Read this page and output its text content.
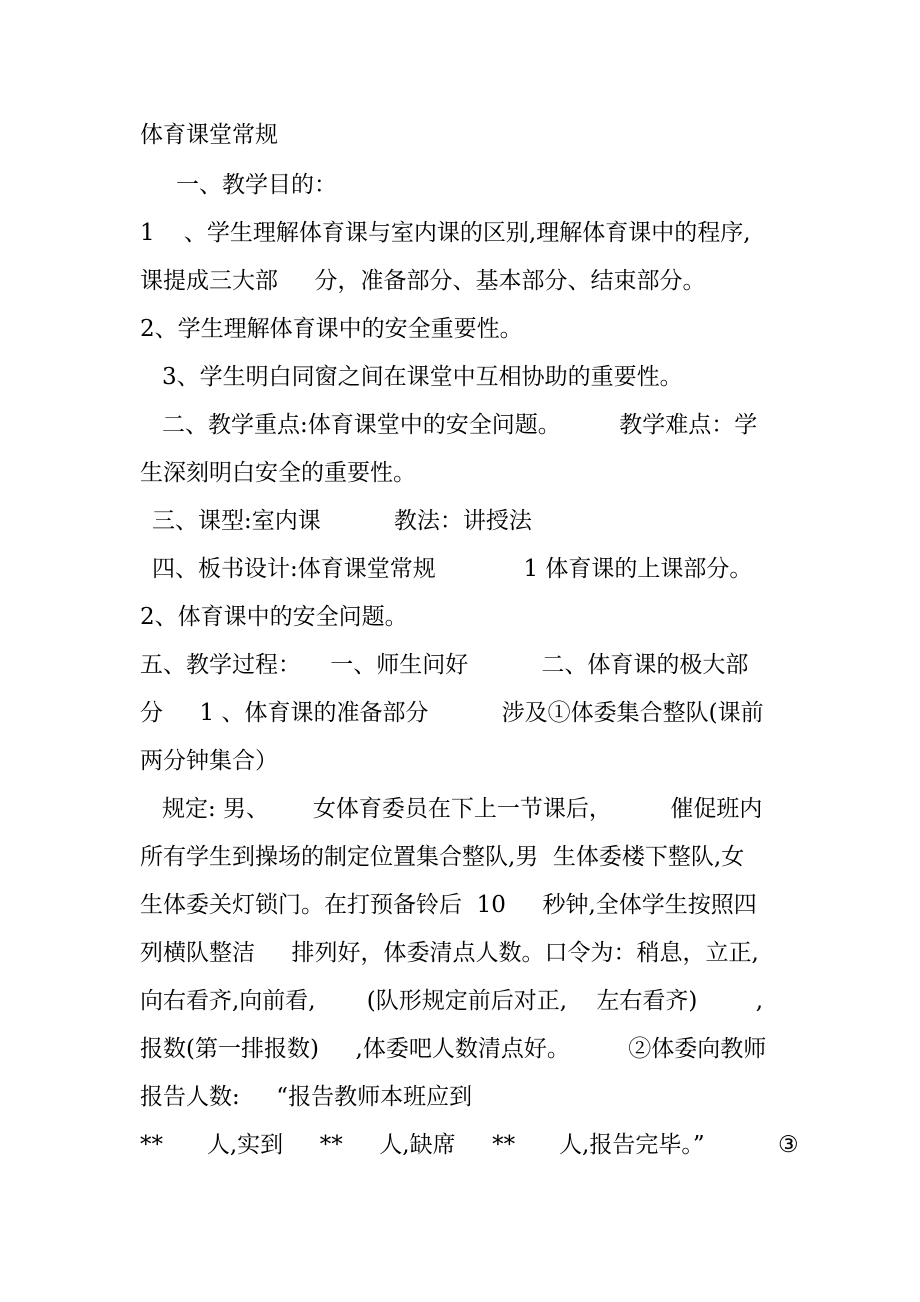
体育课堂常规
一、教学目的：
1    、学生理解体育课与室内课的区别,理解体育课中的程序,
课提成三大部     分，准备部分、基本部分、结束部分。
2、学生理解体育课中的安全重要性。
3、学生明白同窗之间在课堂中互相协助的重要性。
二、教学重点:体育课堂中的安全问题。        教学难点：学
生深刻明白安全的重要性。
三、课型:室内课          教法：讲授法
四、板书设计:体育课堂常规            1 体育课的上课部分。
2、体育课中的安全问题。
五、教学过程：    一、师生问好          二、体育课的极大部
分     1 、体育课的准备部分          涉及①体委集合整队(课前
两分钟集合）
规定: 男、      女体育委员在下上一节课后，        催促班内
所有学生到操场的制定位置集合整队,男  生体委楼下整队,女
生体委关灯锁门。在打预备铃后  10     秒钟,全体学生按照四
列横队整洁     排列好，体委清点人数。口令为：稍息，立正,
向右看齐,向前看,       (队形规定前后对正,    左右看齐)        ,
报数(第一排报数)     ,体委吧人数清点好。        ②体委向教师
报告人数:     “报告教师本班应到
**      人,实到     **     人,缺席     **      人,报告完毕。”	③
